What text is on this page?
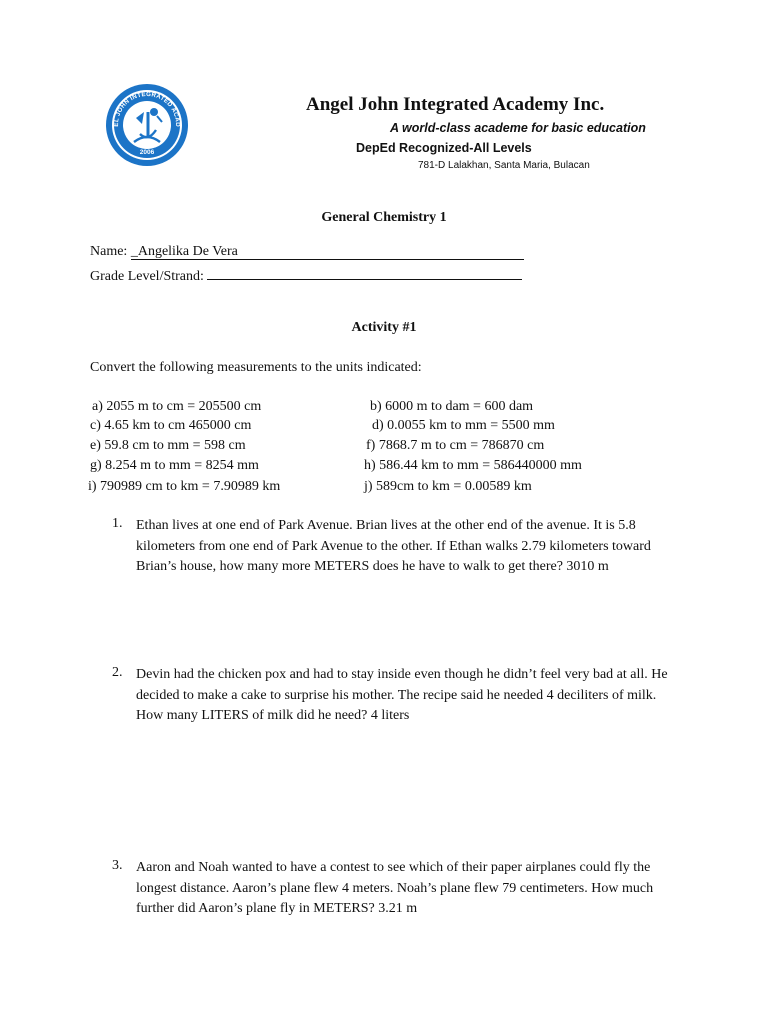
EL JOHN INTEGRATED ACAD
2006
Angel John Integrated Academy Inc.
A world-class academe for basic education
DepEd Recognized-All Levels
781-D Lalakhan, Santa Maria, Bulacan
General Chemistry 1
Name: _Angelika De Vera
Grade Level/Strand:
Activity #1
Convert the following measurements to the units indicated:
a) 2055 m to cm = 205500 cm	b) 6000 m to dam = 600 dam
c) 4.65 km to cm 465000 cm	d) 0.0055 km to mm = 5500 mm
e) 59.8 cm to mm = 598 cm	f) 7868.7 m to cm = 786870 cm
g) 8.254 m to mm = 8254 mm	h) 586.44 km to mm = 586440000 mm
i) 790989 cm to km = 7.90989 km	j) 589cm to km = 0.00589 km
1. Ethan lives at one end of Park Avenue. Brian lives at the other end of the avenue. It is 5.8 kilometers from one end of Park Avenue to the other. If Ethan walks 2.79 kilometers toward Brian’s house, how many more METERS does he have to walk to get there? 3010 m
2. Devin had the chicken pox and had to stay inside even though he didn’t feel very bad at all. He decided to make a cake to surprise his mother. The recipe said he needed 4 deciliters of milk. How many LITERS of milk did he need? 4 liters
3. Aaron and Noah wanted to have a contest to see which of their paper airplanes could fly the longest distance. Aaron’s plane flew 4 meters. Noah’s plane flew 79 centimeters. How much further did Aaron’s plane fly in METERS? 3.21 m
